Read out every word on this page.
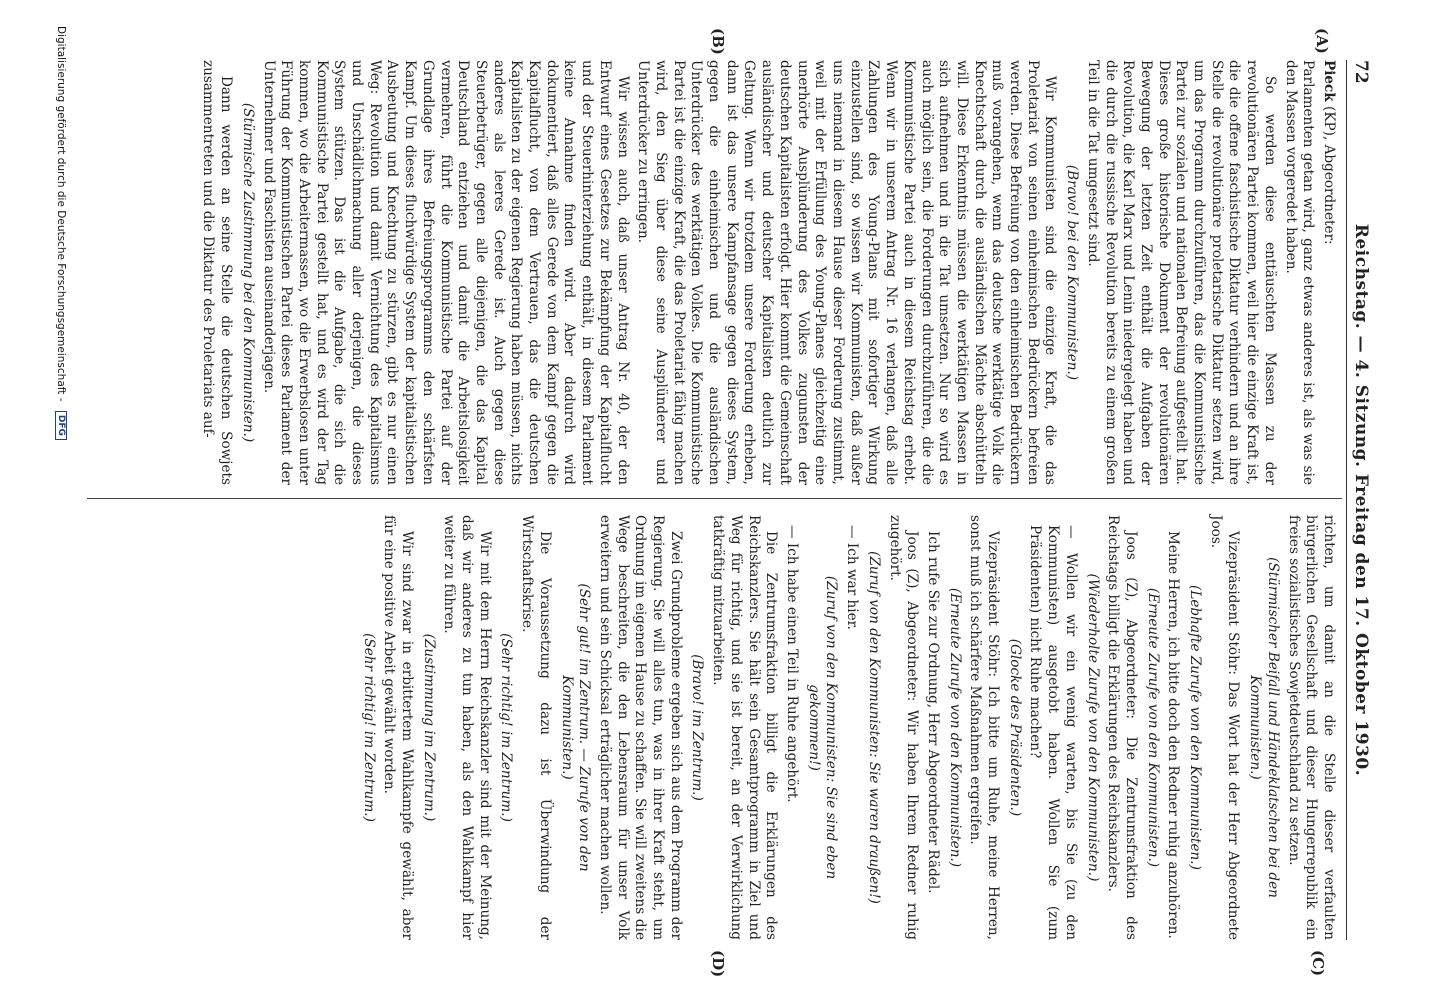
72
Reichstag. — 4. Sitzung. Freitag den 17. Oktober 1930.
(A)
(B)
(C)
(D)

Pieck (KP), Abgeordneter:

Parlamenten getan wird, ganz etwas anderes ist, als was sie den Massen vorgeredet haben.

So werden diese enttäuschten Massen zu der revolutionären Partei kommen, weil hier die einzige Kraft ist, die die offene faschistische Diktatur verhindern und an ihre Stelle die revolutionäre proletarische Diktatur setzen wird, um das Programm durchzuführen, das die Kommunistische Partei zur sozialen und nationalen Befreiung aufgestellt hat. Dieses große historische Dokument der revolutionären Bewegung der letzten Zeit enthält die Aufgaben der Revolution, die Karl Marx und Lenin niedergelegt haben und die durch die russische Revolution bereits zu einem großen Teil in die Tat umgesetzt sind.

(Bravo! bei den Kommunisten.)

Wir Kommunisten sind die einzige Kraft, die das Proletariat von seinen einheimischen Bedrückern befreien werden. Diese Befreiung von den einheimischen Bedrückern muß vorangehen, wenn das deutsche werktätige Volk die Knechtschaft durch die ausländischen Mächte abschütteln will. Diese Erkenntnis müssen die werktätigen Massen in sich aufnehmen und in die Tat umsetzen. Nur so wird es auch möglich sein, die Forderungen durchzuführen, die die Kommunistische Partei auch in diesem Reichstag erhebt. Wenn wir in unserem Antrag Nr. 16 verlangen, daß alle Zahlungen des Young-Plans mit sofortiger Wirkung einzustellen sind, so wissen wir Kommunisten, daß außer uns niemand in diesem Hause dieser Forderung zustimmt, weil mit der Erfüllung des Young-Planes gleichzeitig eine unerhörte Ausplünderung des Volkes zugunsten der deutschen Kapitalisten erfolgt. Hier kommt die Gemeinschaft ausländischer und deutscher Kapitalisten deutlich zur Geltung. Wenn wir trotzdem unsere Forderung erheben, dann ist das unsere Kampfansage gegen dieses System, gegen die einheimischen und die ausländischen Unterdrücker des werktätigen Volkes. Die Kommunistische Partei ist die einzige Kraft, die das Proletariat fähig machen wird, den Sieg über diese seine Ausplünderer und Unterdrücker zu erringen.

Wir wissen auch, daß unser Antrag Nr. 40, der den Entwurf eines Gesetzes zur Bekämpfung der Kapitalflucht und der Steuerhinterziehung enthält, in diesem Parlament keine Annahme finden wird. Aber dadurch wird dokumentiert, daß alles Gerede von dem Kampf gegen die Kapitalflucht, von dem Vertrauen, das die deutschen Kapitalisten zu der eigenen Regierung haben müssen, nichts anderes als leeres Gerede ist. Auch gegen diese Steuerbetrüger, gegen alle diejenigen, die das Kapital Deutschland entziehen und damit die Arbeitslosigkeit vermehren, führt die Kommunistische Partei auf der Grundlage ihres Befreiungsprogramms den schärfsten Kampf. Um dieses fluchwürdige System der kapitalistischen Ausbeutung und Knechtung zu stürzen, gibt es nur einen Weg: Revolution und damit Vernichtung des Kapitalismus und Unschädlichmachung aller derjenigen, die dieses System stützen. Das ist die Aufgabe, die sich die Kommunistische Partei gestellt hat, und es wird der Tag kommen, wo die Arbeitermassen, wo die Erwerbslosen unter Führung der Kommunistischen Partei dieses Parlament der Unternehmer und Faschisten auseinanderjagen.

(Stürmische Zustimmung bei den Kommunisten.)

Dann werden an seine Stelle die deutschen Sowjets zusammentreten und die Diktatur des Proletariats auf-

richten, um damit an die Stelle dieser verfaulten bürgerlichen Gesellschaft und dieser Hungerrepublik ein freies sozialistisches Sowjetdeutschland zu setzen.

(Stürmischer Beifall und Händeklatschen bei den Kommunisten.)

Vizepräsident Stöhr: Das Wort hat der Herr Abgeordnete Joos.

(Lebhafte Zurufe von den Kommunisten.)

Meine Herren, ich bitte doch den Redner ruhig anzuhören.

(Erneute Zurufe von den Kommunisten.)

Joos (Z), Abgeordneter: Die Zentrumsfraktion des Reichstags billigt die Erklärungen des Reichskanzlers.

(Wiederholte Zurufe von den Kommunisten.)

— Wollen wir ein wenig warten, bis Sie (zu den Kommunisten) ausgetobt haben. Wollen Sie (zum Präsidenten) nicht Ruhe machen?

(Glocke des Präsidenten.)

Vizepräsident Stöhr: Ich bitte um Ruhe, meine Herren, sonst muß ich schärfere Maßnahmen ergreifen.

(Erneute Zurufe von den Kommunisten.)

Ich rufe Sie zur Ordnung, Herr Abgeordneter Rädel.

Joos (Z), Abgeordneter: Wir haben Ihrem Redner ruhig zugehört.

(Zuruf von den Kommunisten: Sie waren draußen!)

— Ich war hier.

(Zuruf von den Kommunisten: Sie sind eben gekommen!)

— Ich habe einen Teil in Ruhe angehört.

Die Zentrumsfraktion billigt die Erklärungen des Reichskanzlers. Sie hält sein Gesamtprogramm in Ziel und Weg für richtig, und sie ist bereit, an der Verwirklichung tatkräftig mitzuarbeiten.

(Bravo! im Zentrum.)

Zwei Grundprobleme ergeben sich aus dem Programm der Regierung. Sie will alles tun, was in ihrer Kraft steht, um Ordnung im eigenen Hause zu schaffen. Sie will zweitens die Wege beschreiten, die den Lebensraum für unser Volk erweitern und sein Schicksal erträglicher machen wollen.

(Sehr gut! im Zentrum. — Zurufe von den Kommunisten.)

Die Voraussetzung dazu ist Überwindung der Wirtschaftskrise.

(Sehr richtig! im Zentrum.)

Wir mit dem Herrn Reichskanzler sind mit der Meinung, daß wir anderes zu tun haben, als den Wahlkampf hier weiter zu führen.

(Zustimmung im Zentrum.)

Wir sind zwar in erbittertem Wahlkampfe gewählt, aber für eine positive Arbeit gewählt worden.

(Sehr richtig! im Zentrum.)

Digitalisierung gefördert durch die Deutsche Forschungsgemeinschaft - DFG
